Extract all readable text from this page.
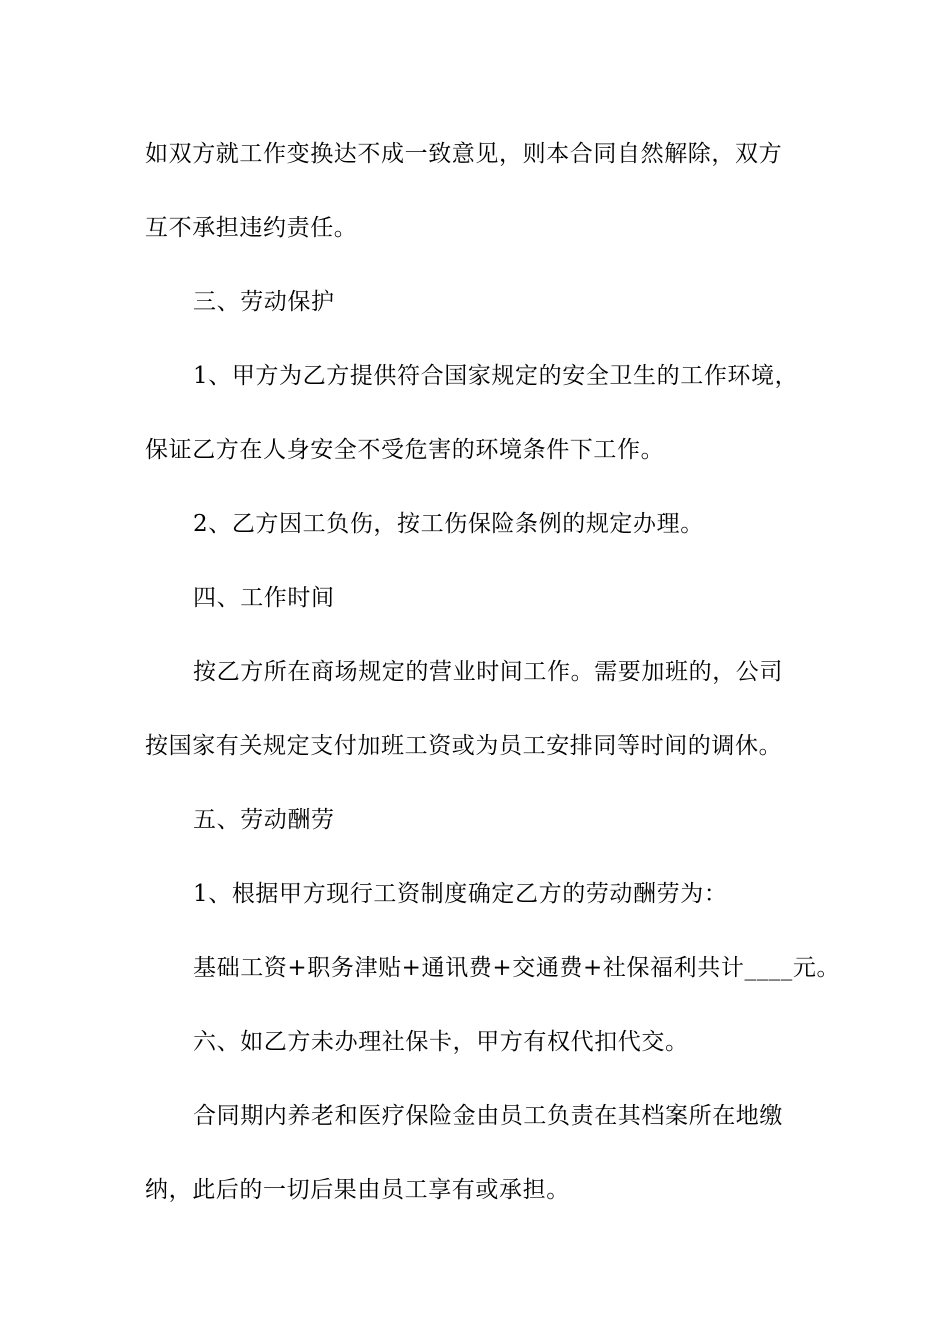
如双方就工作变换达不成一致意见，则本合同自然解除，双方
互不承担违约责任。
三、劳动保护
1、甲方为乙方提供符合国家规定的安全卫生的工作环境，
保证乙方在人身安全不受危害的环境条件下工作。
2、乙方因工负伤，按工伤保险条例的规定办理。
四、工作时间
按乙方所在商场规定的营业时间工作。需要加班的，公司
按国家有关规定支付加班工资或为员工安排同等时间的调休。
五、劳动酬劳
1、根据甲方现行工资制度确定乙方的劳动酬劳为：
基础工资+职务津贴+通讯费+交通费+社保福利共计____元。
六、如乙方未办理社保卡，甲方有权代扣代交。
合同期内养老和医疗保险金由员工负责在其档案所在地缴
纳，此后的一切后果由员工享有或承担。
